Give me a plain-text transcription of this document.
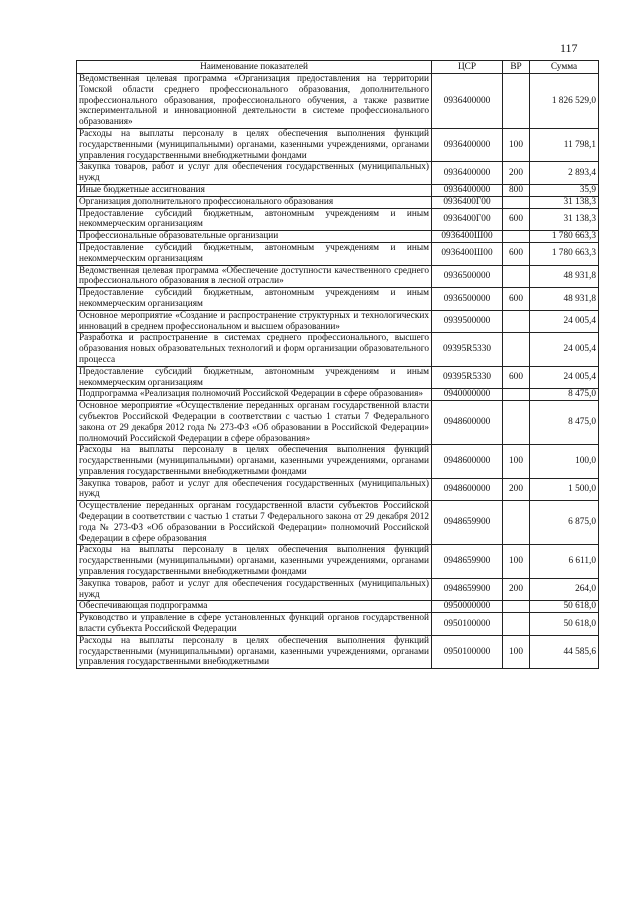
117
Наименование показателей	ЦСР	ВР	Сумма
Ведомственная целевая программа «Организация предоставления на территории Томской области среднего профессионального образования, дополнительного профессионального образования, профессионального обучения, а также развитие экспериментальной и инновационной деятельности в системе профессионального образования»	0936400000		1 826 529,0
Расходы на выплаты персоналу в целях обеспечения выполнения функций государственными (муниципальными) органами, казенными учреждениями, органами управления государственными внебюджетными фондами	0936400000	100	11 798,1
Закупка товаров, работ и услуг для обеспечения государственных (муниципальных) нужд	0936400000	200	2 893,4
Иные бюджетные ассигнования	0936400000	800	35,9
Организация дополнительного профессионального образования	0936400Г00		31 138,3
Предоставление субсидий бюджетным, автономным учреждениям и иным некоммерческим организациям	0936400Г00	600	31 138,3
Профессиональные образовательные организации	0936400Ш00		1 780 663,3
Предоставление субсидий бюджетным, автономным учреждениям и иным некоммерческим организациям	0936400Ш00	600	1 780 663,3
Ведомственная целевая программа «Обеспечение доступности качественного среднего профессионального образования в лесной отрасли»	0936500000		48 931,8
Предоставление субсидий бюджетным, автономным учреждениям и иным некоммерческим организациям	0936500000	600	48 931,8
Основное мероприятие «Создание и распространение структурных и технологических инноваций в среднем профессиональном и высшем образовании»	0939500000		24 005,4
Разработка и распространение в системах среднего профессионального, высшего образования новых образовательных технологий и форм организации образовательного процесса	09395R5330		24 005,4
Предоставление субсидий бюджетным, автономным учреждениям и иным некоммерческим организациям	09395R5330	600	24 005,4
Подпрограмма «Реализация полномочий Российской Федерации в сфере образования»	0940000000		8 475,0
Основное мероприятие «Осуществление переданных органам государственной власти субъектов Российской Федерации в соответствии с частью 1 статьи 7 Федерального закона от 29 декабря 2012 года № 273-ФЗ «Об образовании в Российской Федерации» полномочий Российской Федерации в сфере образования»	0948600000		8 475,0
Расходы на выплаты персоналу в целях обеспечения выполнения функций государственными (муниципальными) органами, казенными учреждениями, органами управления государственными внебюджетными фондами	0948600000	100	100,0
Закупка товаров, работ и услуг для обеспечения государственных (муниципальных) нужд	0948600000	200	1 500,0
Осуществление переданных органам государственной власти субъектов Российской Федерации в соответствии с частью 1 статьи 7 Федерального закона от 29 декабря 2012 года № 273-ФЗ «Об образовании в Российской Федерации» полномочий Российской Федерации в сфере образования	0948659900		6 875,0
Расходы на выплаты персоналу в целях обеспечения выполнения функций государственными (муниципальными) органами, казенными учреждениями, органами управления государственными внебюджетными фондами	0948659900	100	6 611,0
Закупка товаров, работ и услуг для обеспечения государственных (муниципальных) нужд	0948659900	200	264,0
Обеспечивающая подпрограмма	0950000000		50 618,0
Руководство и управление в сфере установленных функций органов государственной власти субъекта Российской Федерации	0950100000		50 618,0
Расходы на выплаты персоналу в целях обеспечения выполнения функций государственными (муниципальными) органами, казенными учреждениями, органами управления государственными внебюджетными	0950100000	100	44 585,6
